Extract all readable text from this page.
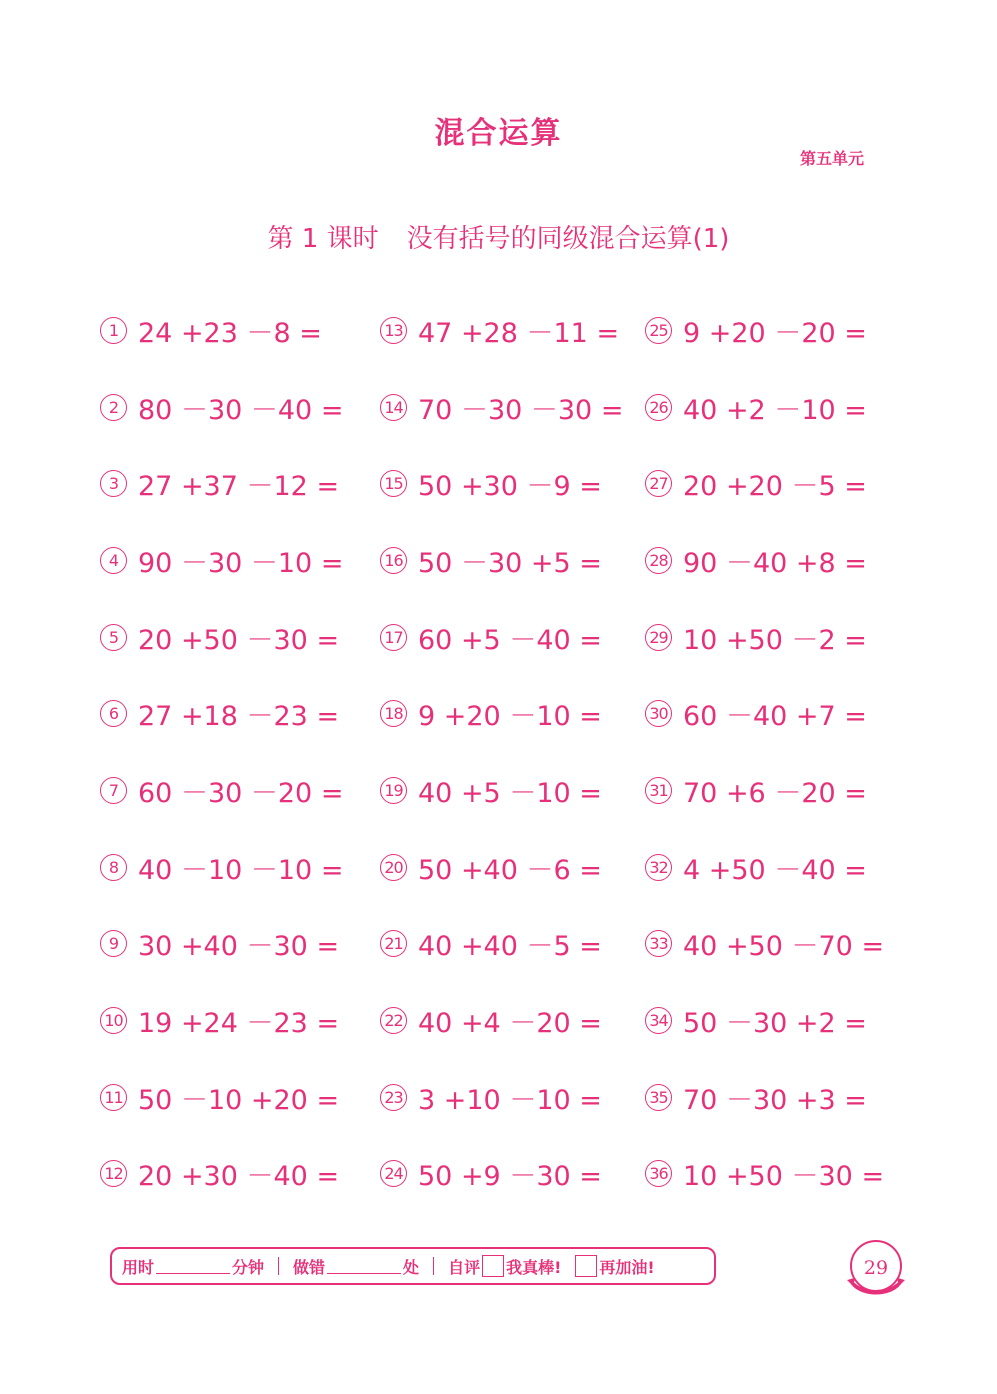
混合运算
第五单元
第 1 课时 没有括号的同级混合运算(1)
1 24 +23 －8 =
2 80 －30 －40 =
3 27 +37 －12 =
4 90 －30 －10 =
5 20 +50 －30 =
6 27 +18 －23 =
7 60 －30 －20 =
8 40 －10 －10 =
9 30 +40 －30 =
10 19 +24 －23 =
11 50 －10 +20 =
12 20 +30 －40 =
13 47 +28 －11 =
14 70 －30 －30 =
15 50 +30 －9 =
16 50 －30 +5 =
17 60 +5 －40 =
18 9 +20 －10 =
19 40 +5 －10 =
20 50 +40 －6 =
21 40 +40 －5 =
22 40 +4 －20 =
23 3 +10 －10 =
24 50 +9 －30 =
25 9 +20 －20 =
26 40 +2 －10 =
27 20 +20 －5 =
28 90 －40 +8 =
29 10 +50 －2 =
30 60 －40 +7 =
31 70 +6 －20 =
32 4 +50 －40 =
33 40 +50 －70 =
34 50 －30 +2 =
35 70 －30 +3 =
36 10 +50 －30 =
用时	分钟 做错	处 自评 我真棒! 再加油!	29
